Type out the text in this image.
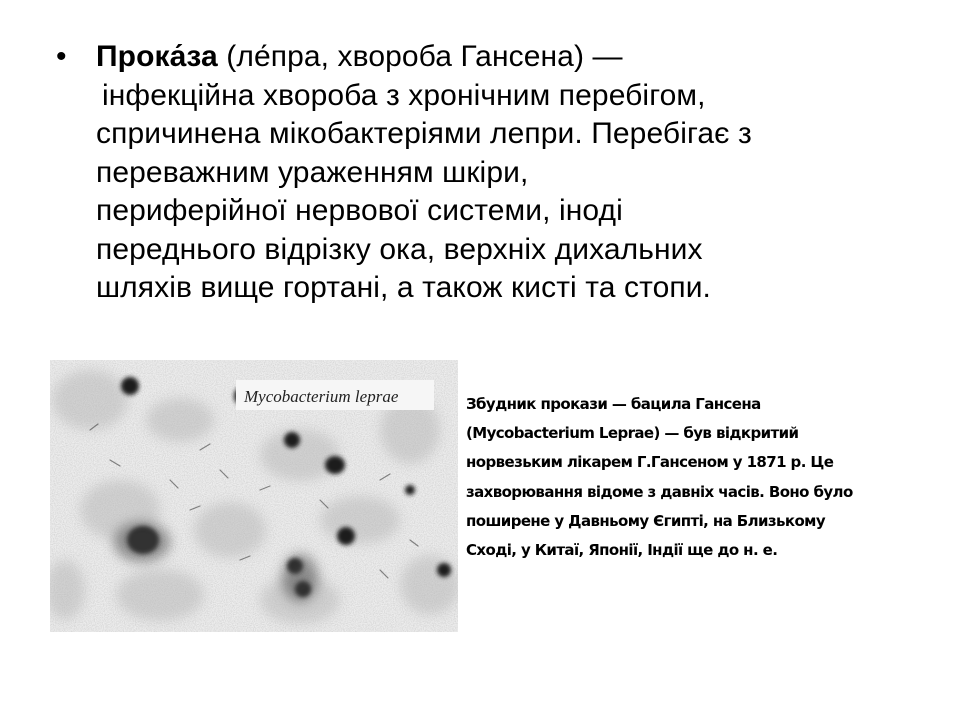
• Прока́за (ле́пра, хвороба Гансена) —
інфекційна хвороба з хронічним перебігом,
спричинена мікобактеріями лепри. Перебігає з
переважним ураженням шкіри,
периферійної нервової системи, іноді
переднього відрізку ока, верхніх дихальних
шляхів вище гортані, а також кисті та стопи.
Mycobacterium leprae	Збудник прокази — бацила Гансена
(Mycobacterium Leprae) — був відкритий
норвезьким лікарем Г.Гансеном у 1871 р. Це
захворювання відоме з давніх часів. Воно було
поширене у Давньому Єгипті, на Близькому
Сході, у Китаї, Японії, Індії ще до н. е.
